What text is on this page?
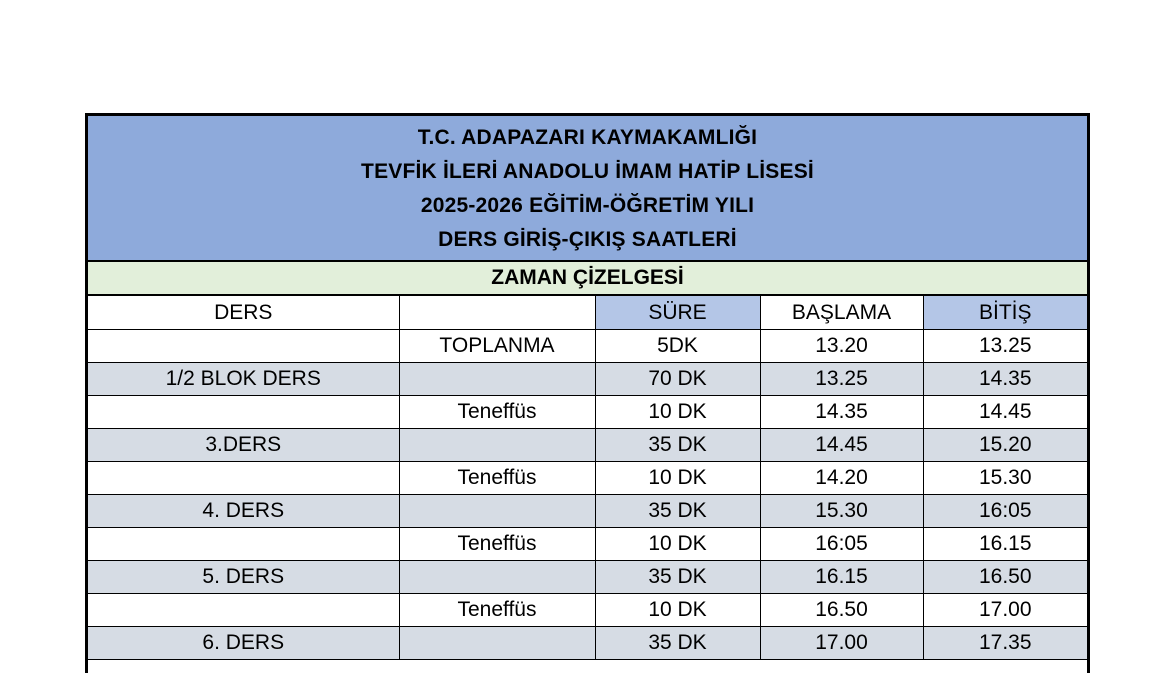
T.C. ADAPAZARI KAYMAKAMLIĞI
TEVFİK İLERİ ANADOLU İMAM HATİP LİSESİ
2025-2026 EĞİTİM-ÖĞRETİM YILI
DERS GİRİŞ-ÇIKIŞ SAATLERİ
ZAMAN ÇİZELGESİ
DERS		SÜRE	BAŞLAMA	BİTİŞ
	TOPLANMA	5DK	13.20	13.25
1/2 BLOK DERS		70 DK	13.25	14.35
	Teneffüs	10 DK	14.35	14.45
3.DERS		35 DK	14.45	15.20
	Teneffüs	10 DK	14.20	15.30
4. DERS		35 DK	15.30	16:05
	Teneffüs	10 DK	16:05	16.15
5. DERS		35 DK	16.15	16.50
	Teneffüs	10 DK	16.50	17.00
6. DERS		35 DK	17.00	17.35
